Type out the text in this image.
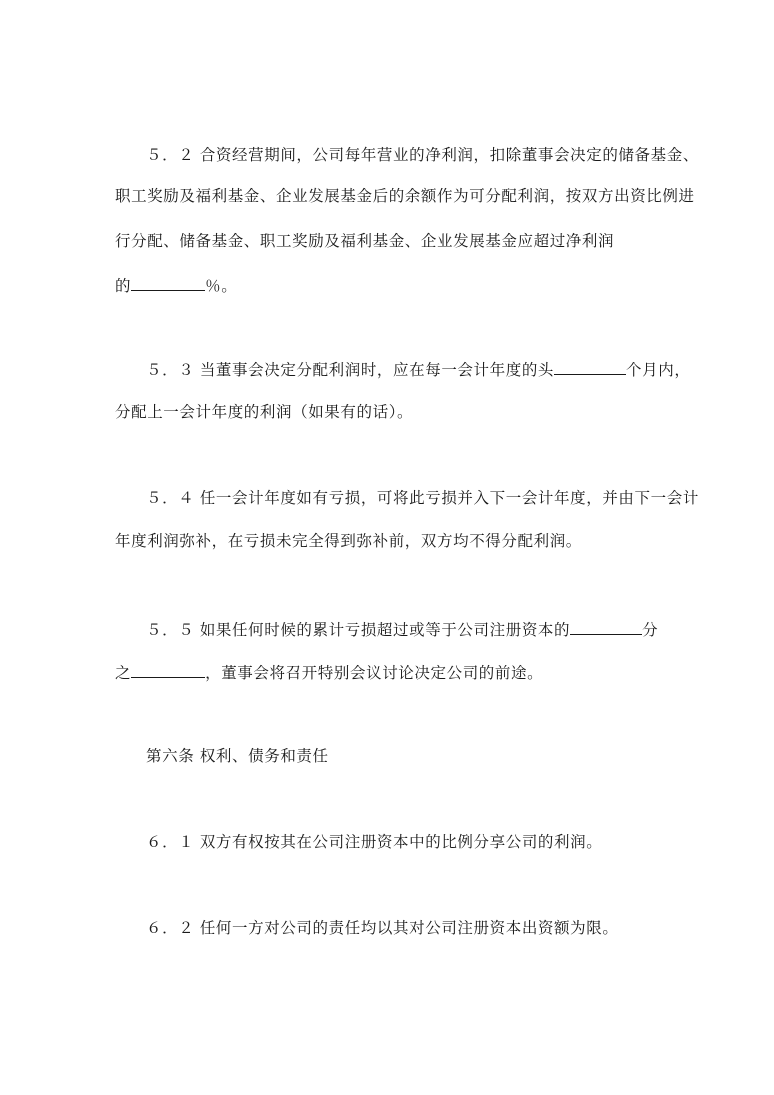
５．２ 合资经营期间，公司每年营业的净利润，扣除董事会决定的储备基金、
职工奖励及福利基金、企业发展基金后的余额作为可分配利润，按双方出资比例进
行分配、储备基金、职工奖励及福利基金、企业发展基金应超过净利润
的	％。
５．３ 当董事会决定分配利润时，应在每一会计年度的头	个月内，
分配上一会计年度的利润（如果有的话）。
５．４ 任一会计年度如有亏损，可将此亏损并入下一会计年度，并由下一会计
年度利润弥补，在亏损未完全得到弥补前，双方均不得分配利润。
５．５ 如果任何时候的累计亏损超过或等于公司注册资本的	分
之	，董事会将召开特别会议讨论决定公司的前途。
第六条 权利、债务和责任
６．１ 双方有权按其在公司注册资本中的比例分享公司的利润。
６．２ 任何一方对公司的责任均以其对公司注册资本出资额为限。
